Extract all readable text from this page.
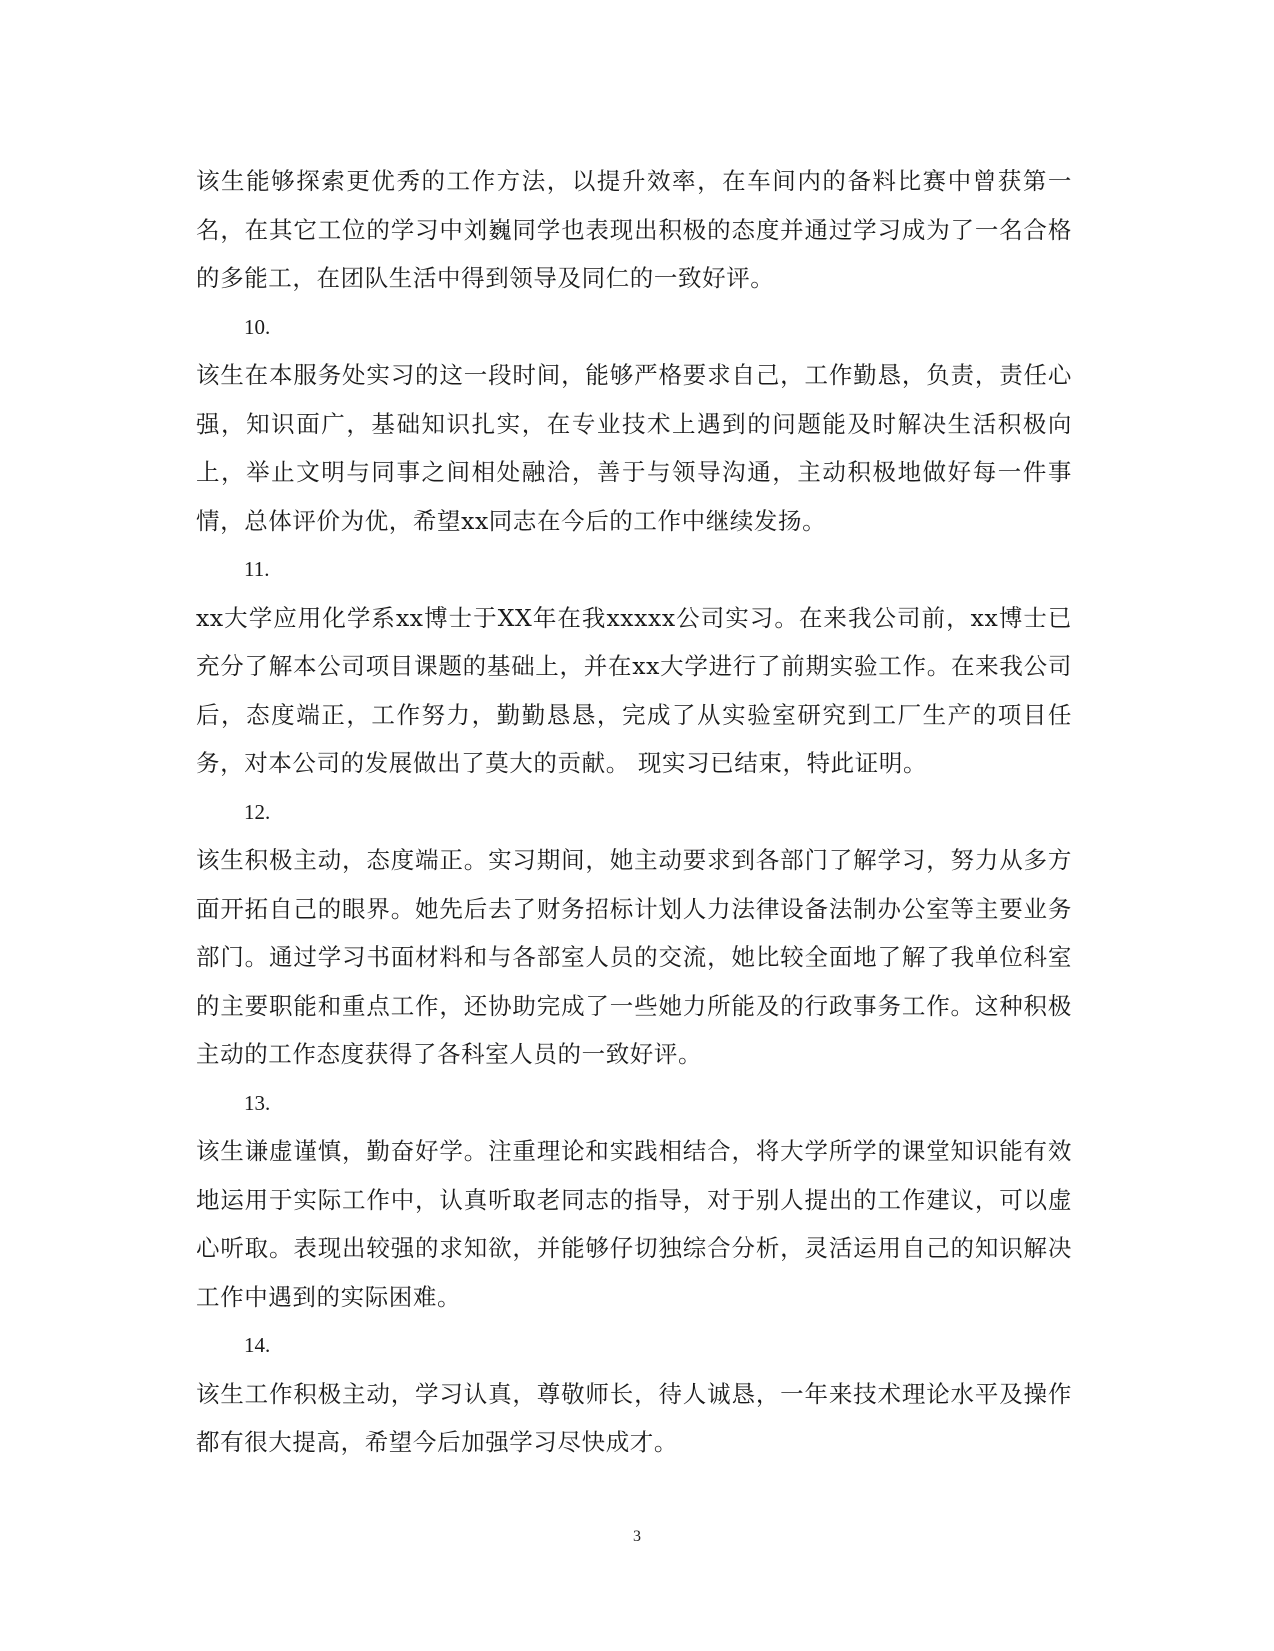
该生能够探索更优秀的工作方法，以提升效率，在车间内的备料比赛中曾获第一名，在其它工位的学习中刘巍同学也表现出积极的态度并通过学习成为了一名合格的多能工，在团队生活中得到领导及同仁的一致好评。

10.

该生在本服务处实习的这一段时间，能够严格要求自己，工作勤恳，负责，责任心强，知识面广，基础知识扎实，在专业技术上遇到的问题能及时解决生活积极向上，举止文明与同事之间相处融洽，善于与领导沟通，主动积极地做好每一件事情，总体评价为优，希望xx同志在今后的工作中继续发扬。

11.

xx大学应用化学系xx博士于XX年在我xxxxx公司实习。在来我公司前，xx博士已充分了解本公司项目课题的基础上，并在xx大学进行了前期实验工作。在来我公司后，态度端正，工作努力，勤勤恳恳，完成了从实验室研究到工厂生产的项目任务，对本公司的发展做出了莫大的贡献。 现实习已结束，特此证明。

12.

该生积极主动，态度端正。实习期间，她主动要求到各部门了解学习，努力从多方面开拓自己的眼界。她先后去了财务招标计划人力法律设备法制办公室等主要业务部门。通过学习书面材料和与各部室人员的交流，她比较全面地了解了我单位科室的主要职能和重点工作，还协助完成了一些她力所能及的行政事务工作。这种积极主动的工作态度获得了各科室人员的一致好评。

13.

该生谦虚谨慎，勤奋好学。注重理论和实践相结合，将大学所学的课堂知识能有效地运用于实际工作中，认真听取老同志的指导，对于别人提出的工作建议，可以虚心听取。表现出较强的求知欲，并能够仔切独综合分析，灵活运用自己的知识解决工作中遇到的实际困难。

14.

该生工作积极主动，学习认真，尊敬师长，待人诚恳，一年来技术理论水平及操作都有很大提高，希望今后加强学习尽快成才。

3
